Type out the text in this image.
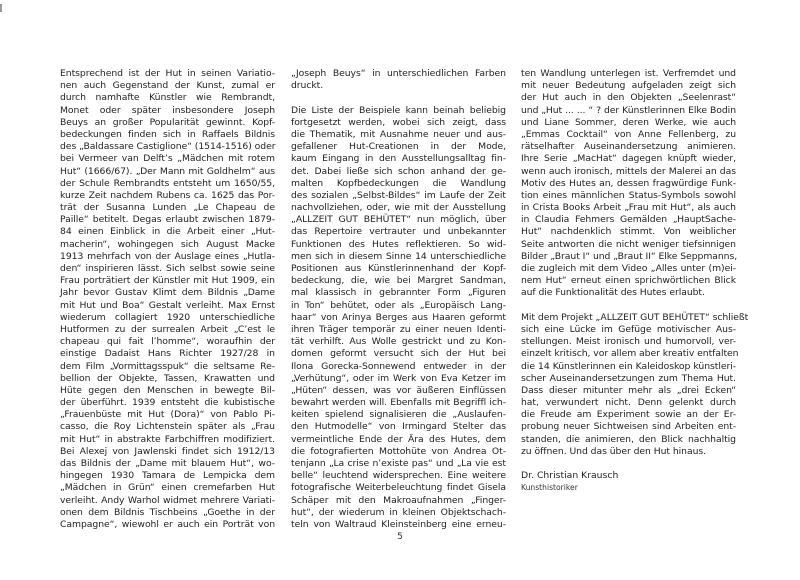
Entsprechend ist der Hut in seinen Variatio-
nen auch Gegenstand der Kunst, zumal er
durch namhafte Künstler wie Rembrandt,
Monet oder später insbesondere Joseph
Beuys an großer Popularität gewinnt. Kopf-
bedeckungen finden sich in Raffaels Bildnis
des „Baldassare Castiglione“ (1514-1516) oder
bei Vermeer van Delft’s „Mädchen mit rotem
Hut“ (1666/67). „Der Mann mit Goldhelm“ aus
der Schule Rembrandts entsteht um 1650/55,
kurze Zeit nachdem Rubens ca. 1625 das Por-
trät der Susanna Lunden „Le Chapeau de
Paille“ betitelt. Degas erlaubt zwischen 1879-
84 einen Einblick in die Arbeit einer „Hut-
macherin“, wohingegen sich August Macke
1913 mehrfach von der Auslage eines „Hutla-
den“ inspirieren lässt. Sich selbst sowie seine
Frau porträtiert der Künstler mit Hut 1909, ein
Jahr bevor Gustav Klimt dem Bildnis „Dame
mit Hut und Boa“ Gestalt verleiht. Max Ernst
wiederum collagiert 1920 unterschiedliche
Hutformen zu der surrealen Arbeit „C’est le
chapeau qui fait l’homme“, woraufhin der
einstige Dadaist Hans Richter 1927/28 in
dem Film „Vormittagsspuk“ die seltsame Re-
bellion der Objekte, Tassen, Krawatten und
Hüte gegen den Menschen in bewegte Bil-
der überführt. 1939 entsteht die kubistische
„Frauenbüste mit Hut (Dora)“ von Pablo Pi-
casso, die Roy Lichtenstein später als „Frau
mit Hut“ in abstrakte Farbchiffren modifiziert.
Bei Alexej von Jawlenski findet sich 1912/13
das Bildnis der „Dame mit blauem Hut“, wo-
hingegen 1930 Tamara de Lempicka dem
„Mädchen in Grün“ einen cremefarben Hut
verleiht. Andy Warhol widmet mehrere Variati-
onen dem Bildnis Tischbeins „Goethe in der
Campagne“, wiewohl er auch ein Porträt von
„Joseph Beuys“ in unterschiedlichen Farben
druckt.
Die Liste der Beispiele kann beinah beliebig
fortgesetzt werden, wobei sich zeigt, dass
die Thematik, mit Ausnahme neuer und aus-
gefallener Hut-Creationen in der Mode,
kaum Eingang in den Ausstellungsalltag fin-
det. Dabei ließe sich schon anhand der ge-
malten Kopfbedeckungen die Wandlung
des sozialen „Selbst-Bildes“ im Laufe der Zeit
nachvollziehen, oder, wie mit der Ausstellung
„ALLZEIT GUT BEHÜTET“ nun möglich, über
das Repertoire vertrauter und unbekannter
Funktionen des Hutes reflektieren. So wid-
men sich in diesem Sinne 14 unterschiedliche
Positionen aus Künstlerinnenhand der Kopf-
bedeckung, die, wie bei Margret Sandman,
mal klassisch in gebrannter Form „Figuren
in Ton“ behütet, oder als „Europäisch Lang-
haar“ von Arinya Berges aus Haaren geformt
ihren Träger temporär zu einer neuen Identi-
tät verhilft. Aus Wolle gestrickt und zu Kon-
domen geformt versucht sich der Hut bei
Ilona Gorecka-Sonnewend entweder in der
„Verhütung“, oder im Werk von Eva Ketzer im
„Hüten“ dessen, was vor äußeren Einflüssen
bewahrt werden will. Ebenfalls mit Begriffl ich-
keiten spielend signalisieren die „Auslaufen-
den Hutmodelle“ von Irmingard Stelter das
vermeintliche Ende der Ära des Hutes, dem
die fotografierten Mottohüte von Andrea Ot-
tenjann „La crise n’existe pas“ und „La vie est
belle“ leuchtend widersprechen. Eine weitere
fotografische Weiterbeleuchtung findet Gisela
Schäper mit den Makroaufnahmen „Finger-
hut“, der wiederum in kleinen Objektschach-
teln von Waltraud Kleinsteinberg eine erneu-
ten Wandlung unterlegen ist. Verfremdet und
mit neuer Bedeutung aufgeladen zeigt sich
der Hut auch in den Objekten „Seelenrast“
und „Hut ... ... “ ? der Künstlerinnen Elke Bodin
und Liane Sommer, deren Werke, wie auch
„Emmas Cocktail“ von Anne Fellenberg, zu
rätselhafter Auseinandersetzung animieren.
Ihre Serie „MacHat“ dagegen knüpft wieder,
wenn auch ironisch, mittels der Malerei an das
Motiv des Hutes an, dessen fragwürdige Funk-
tion eines männlichen Status-Symbols sowohl
in Crista Books Arbeit „Frau mit Hut“, als auch
in Claudia Fehmers Gemälden „HauptSache-
Hut“ nachdenklich stimmt. Von weiblicher
Seite antworten die nicht weniger tiefsinnigen
Bilder „Braut I“ und „Braut II“ Elke Seppmanns,
die zugleich mit dem Video „Alles unter (m)ei-
nem Hut“ erneut einen sprichwörtlichen Blick
auf die Funktionalität des Hutes erlaubt.
Mit dem Projekt „ALLZEIT GUT BEHÜTET“ schließt
sich eine Lücke im Gefüge motivischer Aus-
stellungen. Meist ironisch und humorvoll, ver-
einzelt kritisch, vor allem aber kreativ entfalten
die 14 Künstlerinnen ein Kaleidoskop künstleri-
scher Auseinandersetzungen zum Thema Hut.
Dass dieser mitunter mehr als „drei Ecken“
hat, verwundert nicht. Denn gelenkt durch
die Freude am Experiment sowie an der Er-
probung neuer Sichtweisen sind Arbeiten ent-
standen, die animieren, den Blick nachhaltig
zu öffnen. Und das über den Hut hinaus.
Dr. Christian Krausch
Kunsthistoriker
5
